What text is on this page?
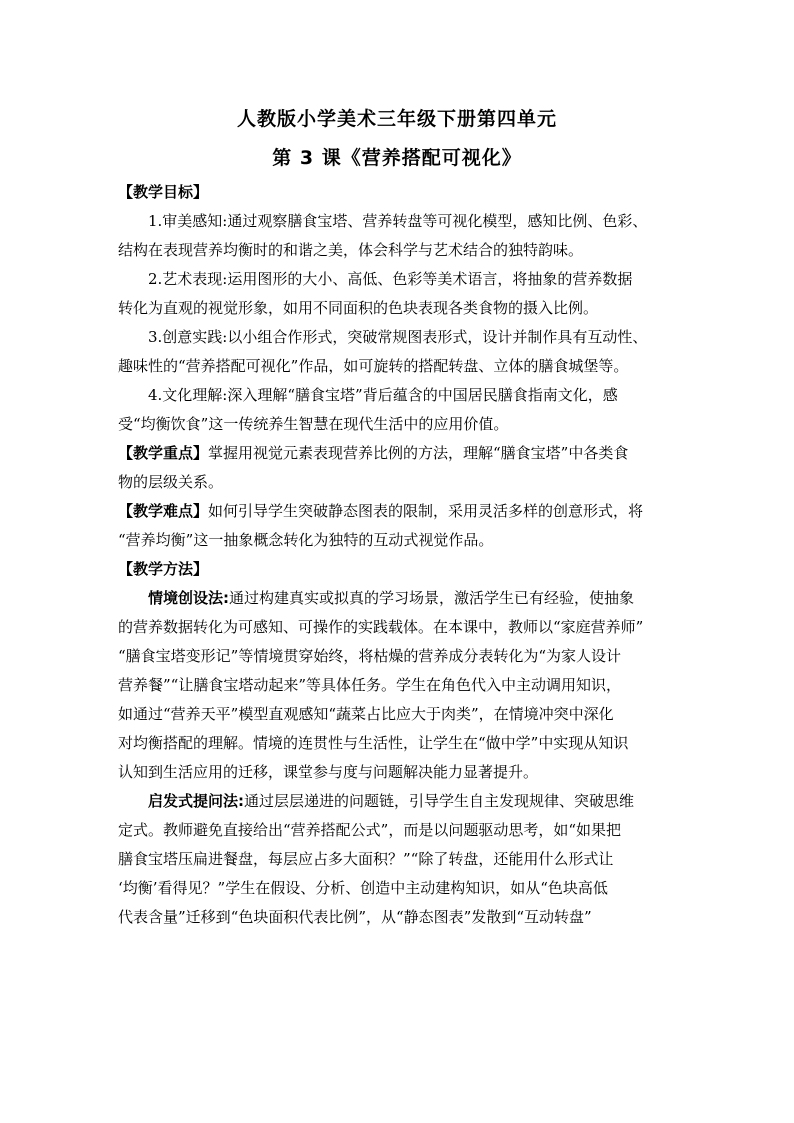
人教版小学美术三年级下册第四单元
第 3 课《营养搭配可视化》
【教学目标】
1.审美感知:通过观察膳食宝塔、营养转盘等可视化模型，感知比例、色彩、
结构在表现营养均衡时的和谐之美，体会科学与艺术结合的独特韵味。
2.艺术表现:运用图形的大小、高低、色彩等美术语言，将抽象的营养数据
转化为直观的视觉形象，如用不同面积的色块表现各类食物的摄入比例。
3.创意实践:以小组合作形式，突破常规图表形式，设计并制作具有互动性、
趣味性的“营养搭配可视化”作品，如可旋转的搭配转盘、立体的膳食城堡等。
4.文化理解:深入理解“膳食宝塔”背后蕴含的中国居民膳食指南文化，感
受“均衡饮食”这一传统养生智慧在现代生活中的应用价值。
【教学重点】掌握用视觉元素表现营养比例的方法，理解“膳食宝塔”中各类食
物的层级关系。
【教学难点】如何引导学生突破静态图表的限制，采用灵活多样的创意形式，将
“营养均衡”这一抽象概念转化为独特的互动式视觉作品。
【教学方法】
情境创设法:通过构建真实或拟真的学习场景，激活学生已有经验，使抽象
的营养数据转化为可感知、可操作的实践载体。在本课中，教师以“家庭营养师”
“膳食宝塔变形记”等情境贯穿始终，将枯燥的营养成分表转化为“为家人设计
营养餐”“让膳食宝塔动起来”等具体任务。学生在角色代入中主动调用知识，
如通过“营养天平”模型直观感知“蔬菜占比应大于肉类”，在情境冲突中深化
对均衡搭配的理解。情境的连贯性与生活性，让学生在“做中学”中实现从知识
认知到生活应用的迁移，课堂参与度与问题解决能力显著提升。
启发式提问法:通过层层递进的问题链，引导学生自主发现规律、突破思维
定式。教师避免直接给出“营养搭配公式”，而是以问题驱动思考，如“如果把
膳食宝塔压扁进餐盘，每层应占多大面积？”“除了转盘，还能用什么形式让
‘均衡’看得见？”学生在假设、分析、创造中主动建构知识，如从“色块高低
代表含量”迁移到“色块面积代表比例”，从“静态图表”发散到“互动转盘”
